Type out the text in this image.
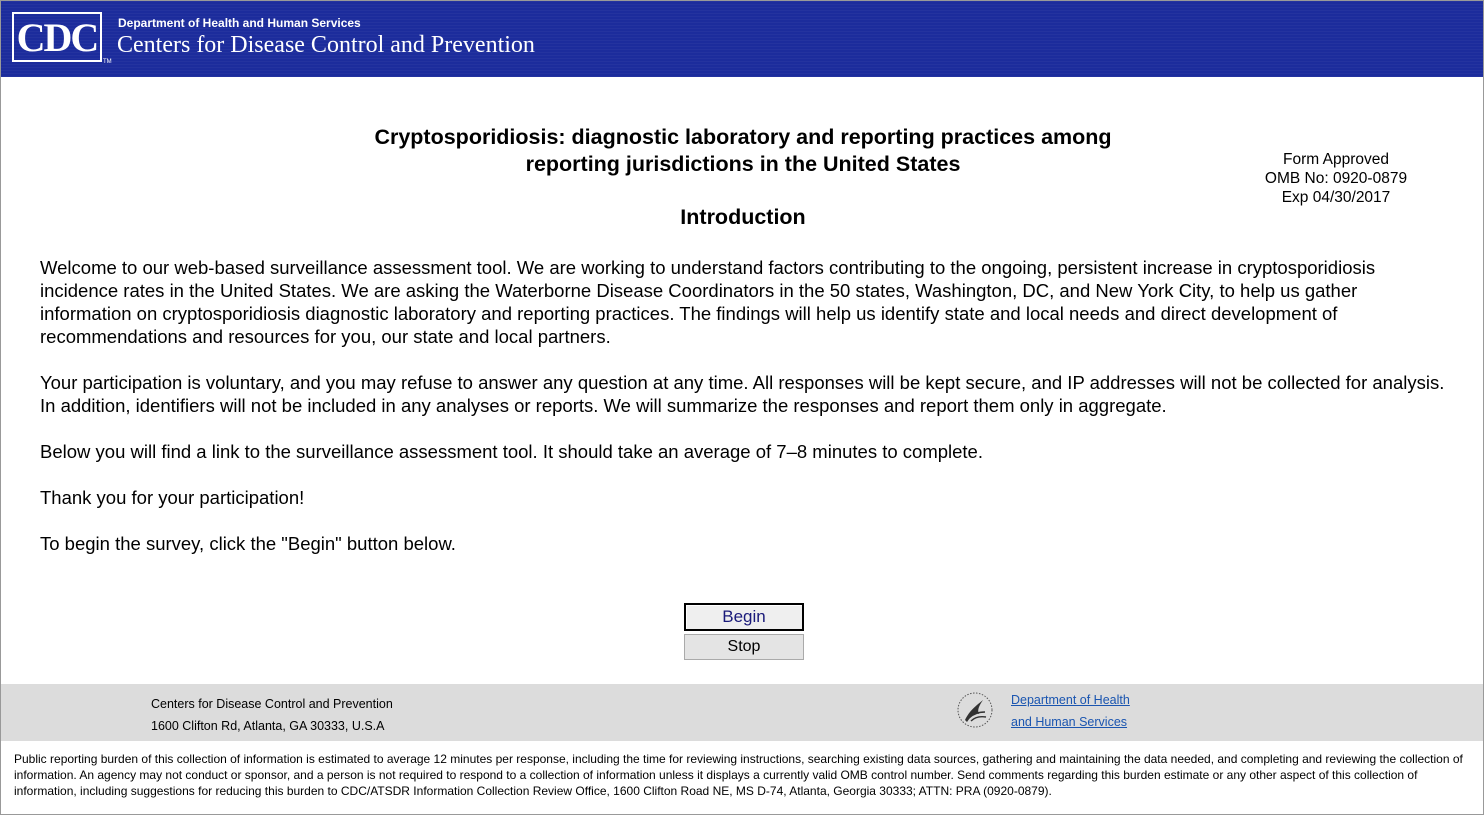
CDC
TM
Department of Health and Human Services
Centers for Disease Control and Prevention
Form Approved
OMB No: 0920-0879
Exp 04/30/2017
Cryptosporidiosis: diagnostic laboratory and reporting practices among
reporting jurisdictions in the United States
Introduction

Welcome to our web-based surveillance assessment tool. We are working to understand factors contributing to the ongoing, persistent increase in cryptosporidiosis incidence rates in the United States. We are asking the Waterborne Disease Coordinators in the 50 states, Washington, DC, and New York City, to help us gather information on cryptosporidiosis diagnostic laboratory and reporting practices. The findings will help us identify state and local needs and direct development of recommendations and resources for you, our state and local partners.

Your participation is voluntary, and you may refuse to answer any question at any time. All responses will be kept secure, and IP addresses will not be collected for analysis. In addition, identifiers will not be included in any analyses or reports. We will summarize the responses and report them only in aggregate.

Below you will find a link to the surveillance assessment tool. It should take an average of 7–8 minutes to complete.

Thank you for your participation!

To begin the survey, click the "Begin" button below.

Begin
Stop
Centers for Disease Control and Prevention
1600 Clifton Rd, Atlanta, GA 30333, U.S.A
Department of Health
and Human Services
Public reporting burden of this collection of information is estimated to average 12 minutes per response, including the time for reviewing instructions, searching existing data sources, gathering and maintaining the data needed, and completing and reviewing the collection of information. An agency may not conduct or sponsor, and a person is not required to respond to a collection of information unless it displays a currently valid OMB control number. Send comments regarding this burden estimate or any other aspect of this collection of information, including suggestions for reducing this burden to CDC/ATSDR Information Collection Review Office, 1600 Clifton Road NE, MS D-74, Atlanta, Georgia 30333; ATTN: PRA (0920-0879).
